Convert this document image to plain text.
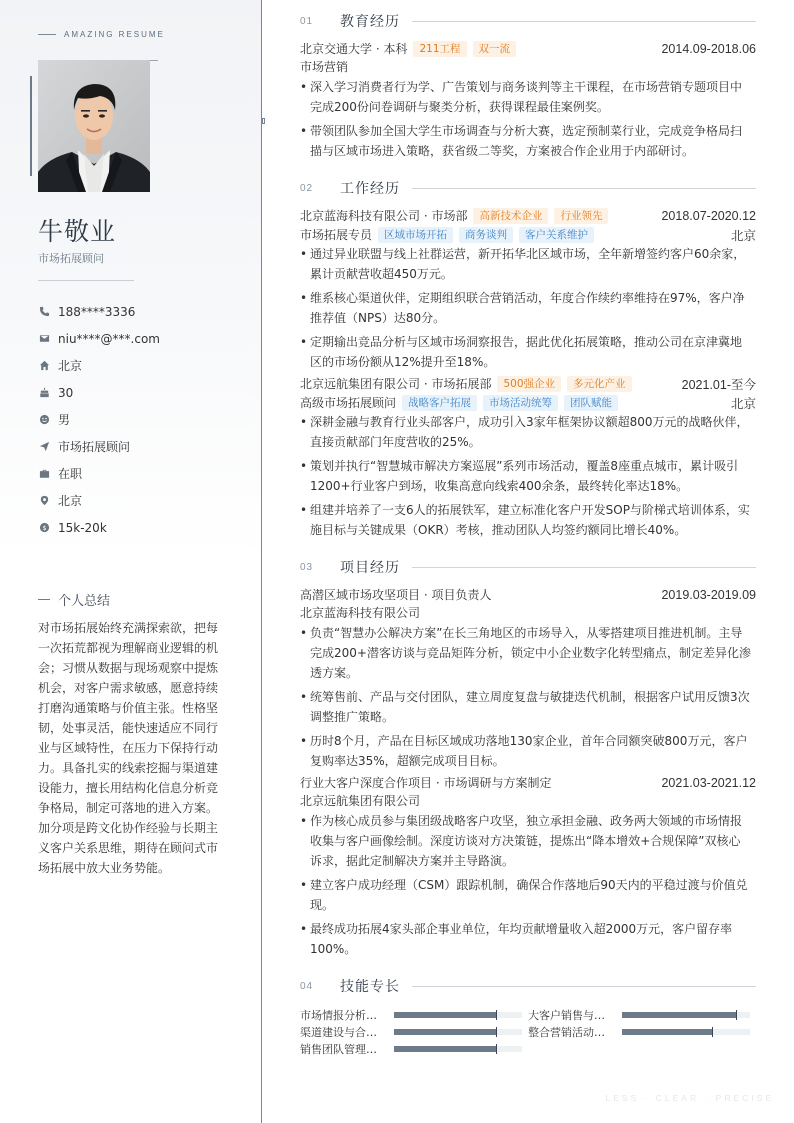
AMAZING RESUME
牛敬业
市场拓展顾问
188****3336
niu****@***.com
北京
30
男
市场拓展顾问
在职
北京
$ 15k-20k
个人总结
对市场拓展始终充满探索欲，把每一次拓荒都视为理解商业逻辑的机会；习惯从数据与现场观察中提炼机会，对客户需求敏感，愿意持续打磨沟通策略与价值主张。性格坚韧，处事灵活，能快速适应不同行业与区域特性，在压力下保持行动力。具备扎实的线索挖掘与渠道建设能力，擅长用结构化信息分析竞争格局，制定可落地的进入方案。加分项是跨文化协作经验与长期主义客户关系思维，期待在顾问式市场拓展中放大业务势能。
01	教育经历
北京交通大学 · 本科	211工程	双一流	2014.09-2018.06
市场营销
• 深入学习消费者行为学、广告策划与商务谈判等主干课程，在市场营销专题项目中完成200份问卷调研与聚类分析，获得课程最佳案例奖。
• 带领团队参加全国大学生市场调查与分析大赛，选定预制菜行业，完成竞争格局扫描与区域市场进入策略，获省级二等奖，方案被合作企业用于内部研讨。
02	工作经历
北京蓝海科技有限公司 · 市场部	高新技术企业	行业领先	2018.07-2020.12
市场拓展专员	区域市场开拓	商务谈判	客户关系维护	北京
• 通过异业联盟与线上社群运营，新开拓华北区域市场，全年新增签约客户60余家，累计贡献营收超450万元。
• 维系核心渠道伙伴，定期组织联合营销活动，年度合作续约率维持在97%，客户净推荐值（NPS）达80分。
• 定期输出竞品分析与区域市场洞察报告，据此优化拓展策略，推动公司在京津冀地区的市场份额从12%提升至18%。
北京远航集团有限公司 · 市场拓展部	500强企业	多元化产业	2021.01-至今
高级市场拓展顾问	战略客户拓展	市场活动统筹	团队赋能	北京
• 深耕金融与教育行业头部客户，成功引入3家年框架协议额超800万元的战略伙伴，直接贡献部门年度营收的25%。
• 策划并执行“智慧城市解决方案巡展”系列市场活动，覆盖8座重点城市，累计吸引1200+行业客户到场，收集高意向线索400余条，最终转化率达18%。
• 组建并培养了一支6人的拓展铁军，建立标准化客户开发SOP与阶梯式培训体系，实施目标与关键成果（OKR）考核，推动团队人均签约额同比增长40%。
03	项目经历
高潜区域市场攻坚项目 · 项目负责人	2019.03-2019.09
北京蓝海科技有限公司
• 负责“智慧办公解决方案”在长三角地区的市场导入，从零搭建项目推进机制。主导完成200+潜客访谈与竞品矩阵分析，锁定中小企业数字化转型痛点，制定差异化渗透方案。
• 统筹售前、产品与交付团队，建立周度复盘与敏捷迭代机制，根据客户试用反馈3次调整推广策略。
• 历时8个月，产品在目标区域成功落地130家企业，首年合同额突破800万元，客户复购率达35%，超额完成项目目标。
行业大客户深度合作项目 · 市场调研与方案制定	2021.03-2021.12
北京远航集团有限公司
• 作为核心成员参与集团级战略客户攻坚，独立承担金融、政务两大领域的市场情报收集与客户画像绘制。深度访谈对方决策链，提炼出“降本增效+合规保障”双核心诉求，据此定制解决方案并主导路演。
• 建立客户成功经理（CSM）跟踪机制，确保合作落地后90天内的平稳过渡与价值兑现。
• 最终成功拓展4家头部企事业单位，年均贡献增量收入超2000万元，客户留存率100%。
04	技能专长
市场情报分析…	大客户销售与…
渠道建设与合…	整合营销活动…
销售团队管理…
LESS · CLEAR · PRECISE
